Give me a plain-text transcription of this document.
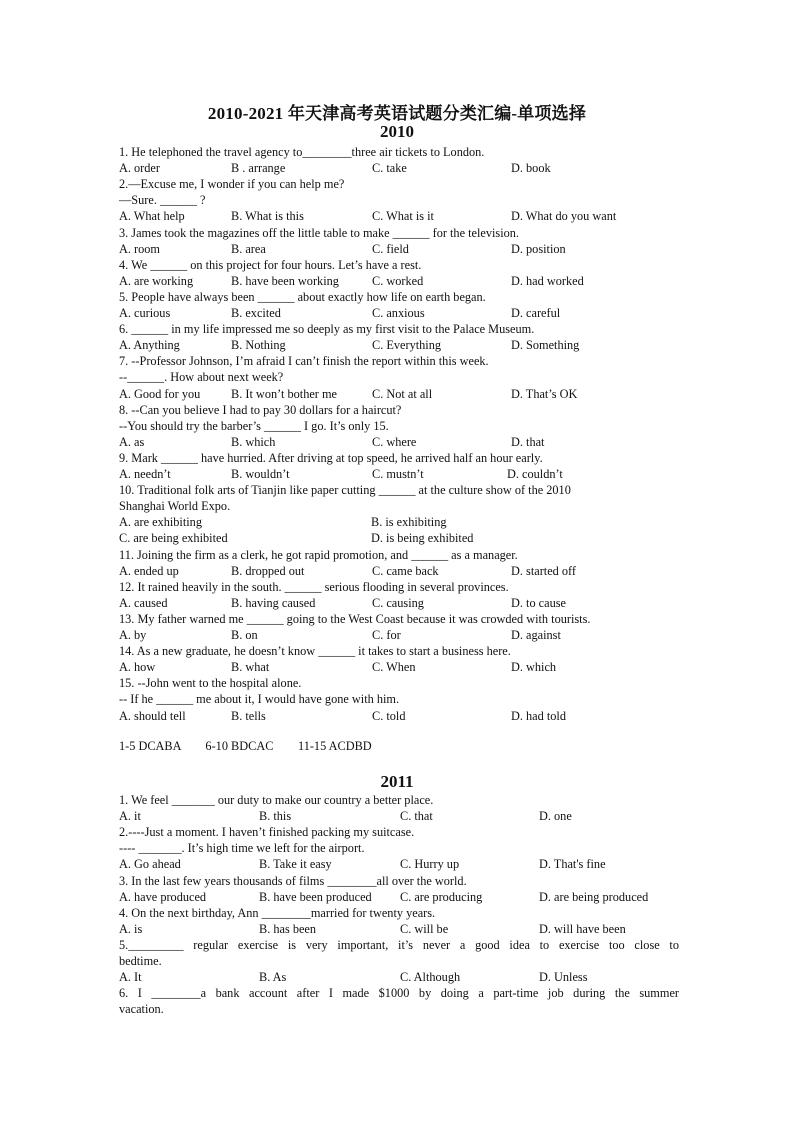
2010-2021 年天津高考英语试题分类汇编-单项选择
2010
1. He telephoned the travel agency to________three air tickets to London.
A. order	B . arrange	C. take	D. book
2.—Excuse me, I wonder if you can help me?
—Sure. ______ ?
A. What help	B. What is this	C. What is it	D. What do you want
3. James took the magazines off the little table to make ______ for the television.
A. room	B. area	C. field	D. position
4. We ______ on this project for four hours. Let’s have a rest.
A. are working	B. have been working	C. worked	D. had worked
5. People have always been ______ about exactly how life on earth began.
A. curious	B. excited	C. anxious	D. careful
6. ______ in my life impressed me so deeply as my first visit to the Palace Museum.
A. Anything	B. Nothing	C. Everything	D. Something
7. --Professor Johnson, I’m afraid I can’t finish the report within this week.
--______. How about next week?
A. Good for you B. It won’t bother me	C. Not at all	D. That’s OK
8. --Can you believe I had to pay 30 dollars for a haircut?
--You should try the barber’s ______ I go. It’s only 15.
A. as	B. which	C. where	D. that
9. Mark ______ have hurried. After driving at top speed, he arrived half an hour early.
A. needn’t	B. wouldn’t	C. mustn’t	D. couldn’t
10. Traditional folk arts of Tianjin like paper cutting ______ at the culture show of the 2010
Shanghai World Expo.
A. are exhibiting	B. is exhibiting
C. are being exhibited	D. is being exhibited
11. Joining the firm as a clerk, he got rapid promotion, and ______ as a manager.
A. ended up	B. dropped out	C. came back	D. started off
12. It rained heavily in the south. ______ serious flooding in several provinces.
A. caused	B. having caused	C. causing	D. to cause
13. My father warned me ______ going to the West Coast because it was crowded with tourists.
A. by	B. on	C. for	D. against
14. As a new graduate, he doesn’t know ______ it takes to start a business here.
A. how	B. what	C. When	D. which
15. --John went to the hospital alone.
-- If he ______ me about it, I would have gone with him.
A. should tell	B. tells	C. told	D. had told
1-5 DCABA        6-10 BDCAC        11-15 ACDBD
2011
1. We feel _______ our duty to make our country a better place.
A. it	B. this	C. that	D. one
2.----Just a moment. I haven’t finished packing my suitcase.
---- _______. It’s high time we left for the airport.
A. Go ahead	B. Take it easy	C. Hurry up	D. That's fine
3. In the last few years thousands of films ________all over the world.
A. have produced	B. have been produced C. are producing	D. are being produced
4. On the next birthday, Ann ________married for twenty years.
A. is	B. has been	C. will be	D. will have been
5._________ regular exercise is very important, it’s never a good idea to exercise too close to
bedtime.
A. It	B. As	C. Although	D. Unless
6. I ________a bank account after I made $1000 by doing a part-time job during the summer
vacation.
